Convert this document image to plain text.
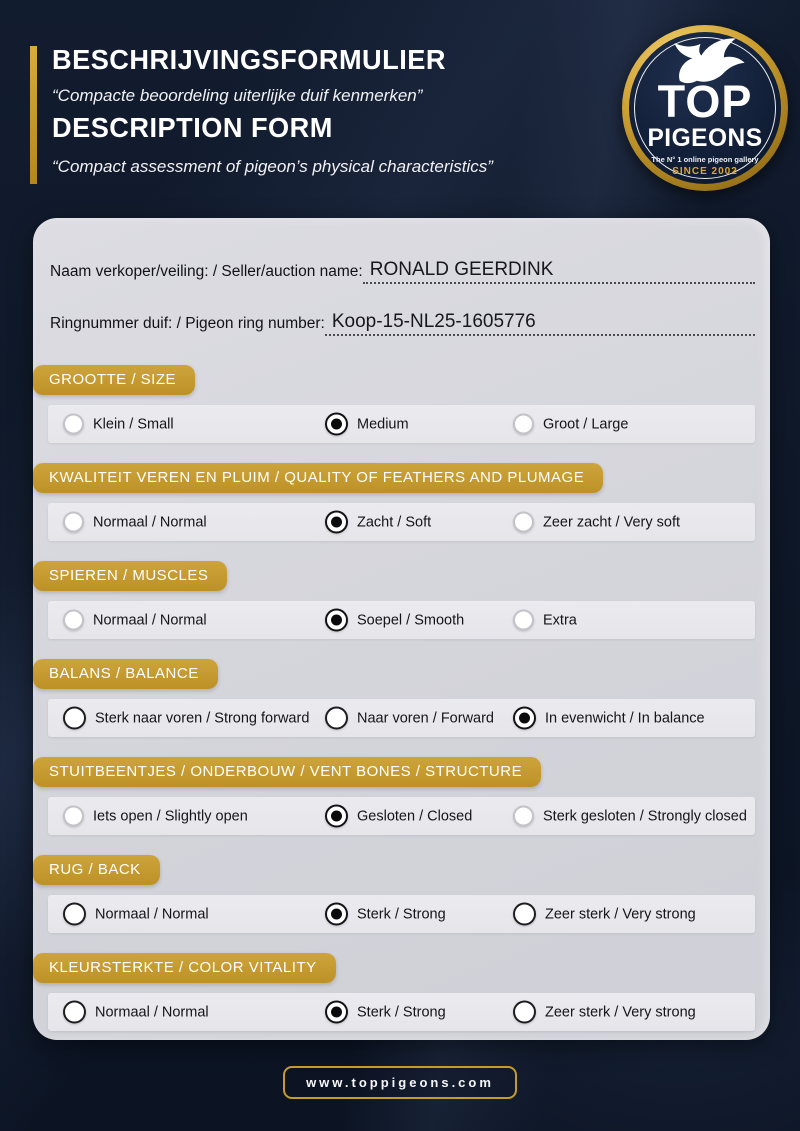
BESCHRIJVINGSFORMULIER
“Compacte beoordeling uiterlijke duif kenmerken”
DESCRIPTION FORM
“Compact assessment of pigeon’s physical characteristics”
TOP
PIGEONS
The N° 1 online pigeon gallery
SINCE 2002
Naam verkoper/veiling: / Seller/auction name: RONALD GEERDINK
Ringnummer duif: / Pigeon ring number: Koop-15-NL25-1605776
GROOTTE / SIZE
Klein / Small	Medium	Groot / Large
KWALITEIT VEREN EN PLUIM / QUALITY OF FEATHERS AND PLUMAGE
Normaal / Normal	Zacht / Soft	Zeer zacht / Very soft
SPIEREN / MUSCLES
Normaal / Normal	Soepel / Smooth	Extra
BALANS / BALANCE
Sterk naar voren / Strong forward	Naar voren / Forward	In evenwicht / In balance
STUITBEENTJES / ONDERBOUW / VENT BONES / STRUCTURE
Iets open / Slightly open	Gesloten / Closed	Sterk gesloten / Strongly closed
RUG / BACK
Normaal / Normal	Sterk / Strong	Zeer sterk / Very strong
KLEURSTERKTE / COLOR VITALITY
Normaal / Normal	Sterk / Strong	Zeer sterk / Very strong
www.toppigeons.com
